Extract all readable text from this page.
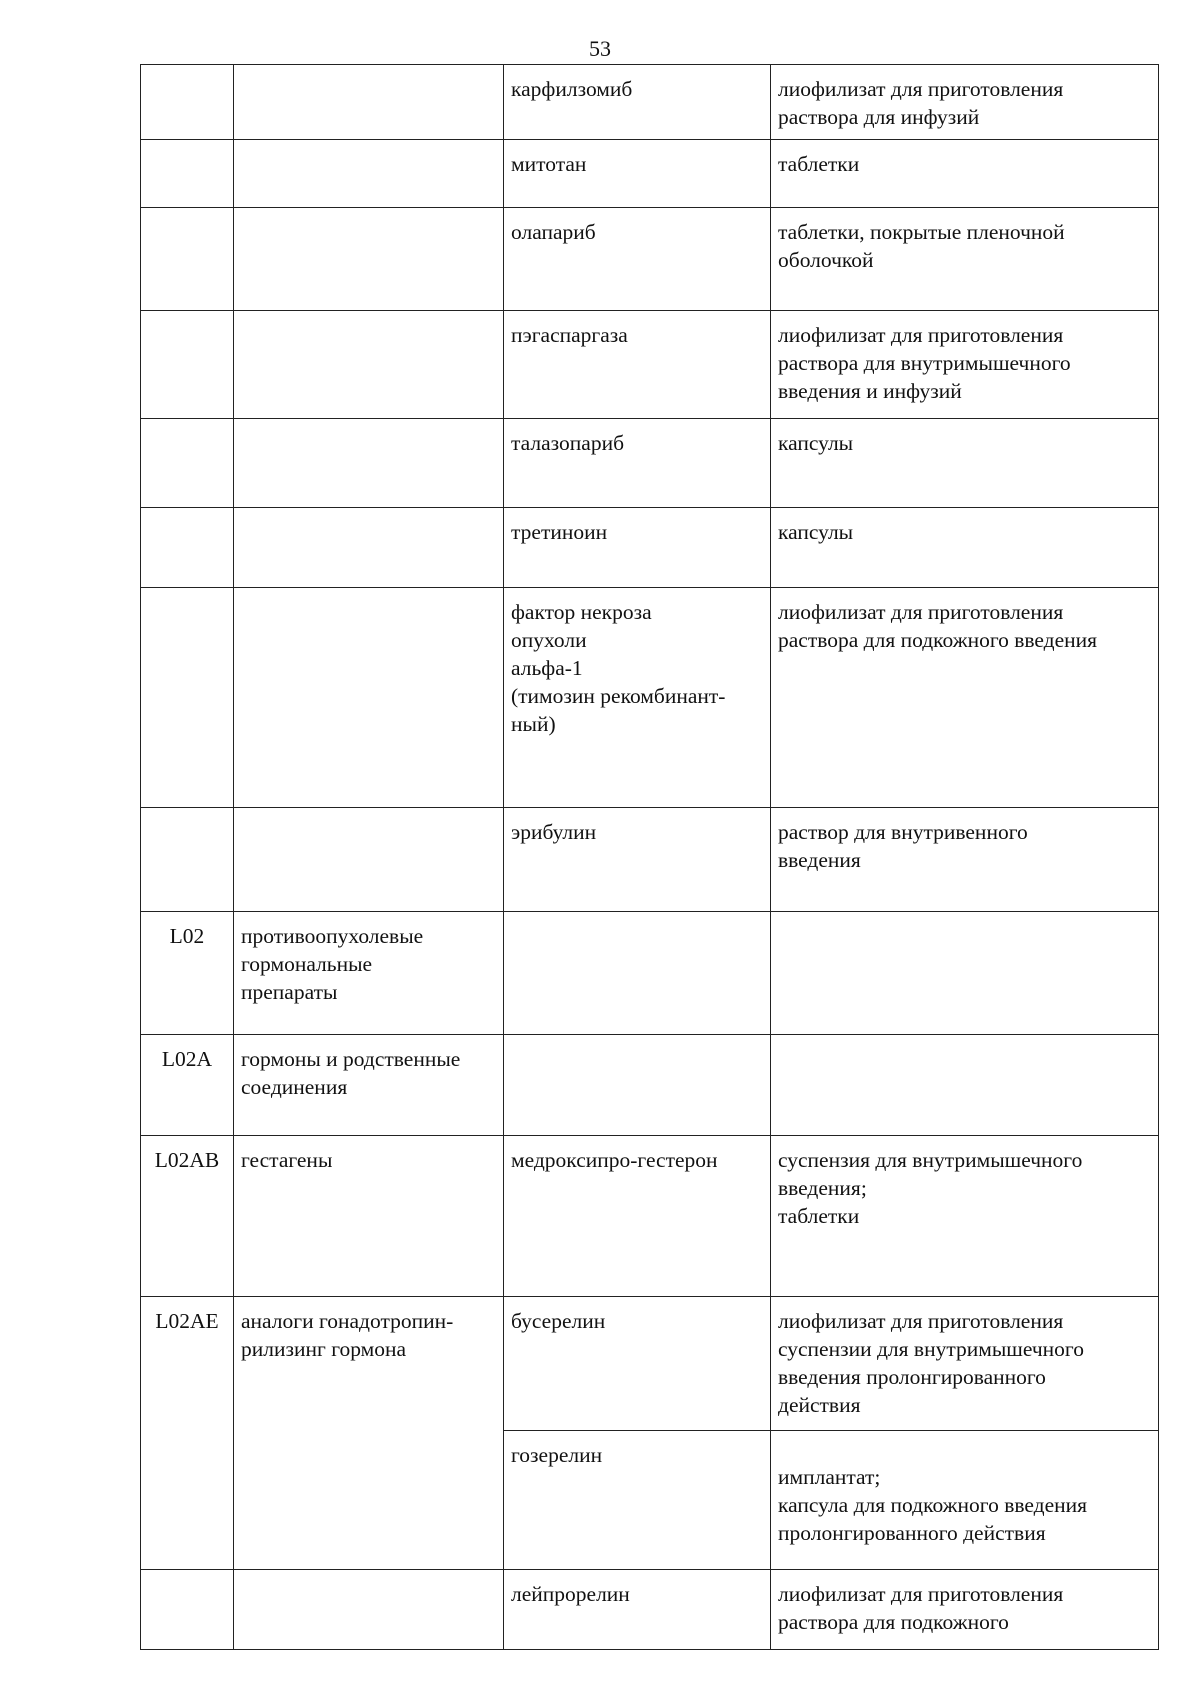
53
		карфилзомиб	лиофилизат для приготовления
раствора для инфузий
		митотан	таблетки
		олапариб	таблетки, покрытые пленочной
оболочкой
		пэгаспаргаза	лиофилизат для приготовления
раствора для внутримышечного
введения и инфузий
		талазопариб	капсулы
		третиноин	капсулы
		фактор некроза
опухоли
альфа-1
(тимозин рекомбинант-
ный)	лиофилизат для приготовления
раствора для подкожного введения
		эрибулин	раствор для внутривенного
введения
L02	противоопухолевые
гормональные
препараты		
L02A	гормоны и родственные
соединения		
L02AB	гестагены	медроксипро-гестерон	суспензия для внутримышечного
введения;
таблетки
L02AE	аналоги гонадотропин-
рилизинг гормона	бусерелин	лиофилизат для приготовления
суспензии для внутримышечного
введения пролонгированного
действия
		гозерелин	имплантат;
капсула для подкожного введения
пролонгированного действия
		лейпрорелин	лиофилизат для приготовления
раствора для подкожного
